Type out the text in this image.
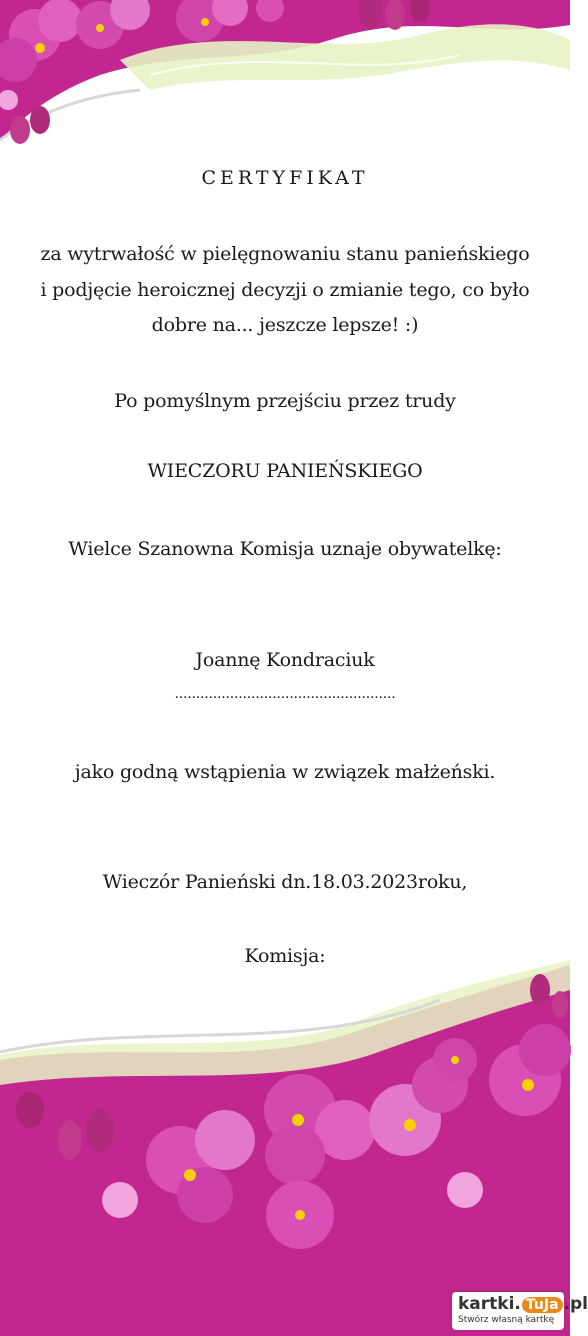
CERTYFIKAT
za wytrwałość w pielęgnowaniu stanu panieńskiego
i podjęcie heroicznej decyzji o zmianie tego, co było
dobre na... jeszcze lepsze! :)
Po pomyślnym przejściu przez trudy
WIECZORU PANIEŃSKIEGO
Wielce Szanowna Komisja uznaje obywatelkę:
Joannę Kondraciuk
....................................................
jako godną wstąpienia w związek małżeński.
Wieczór Panieński dn.18.03.2023roku,
Komisja:
kartki. TuJa .pl
Stwórz własną kartkę
